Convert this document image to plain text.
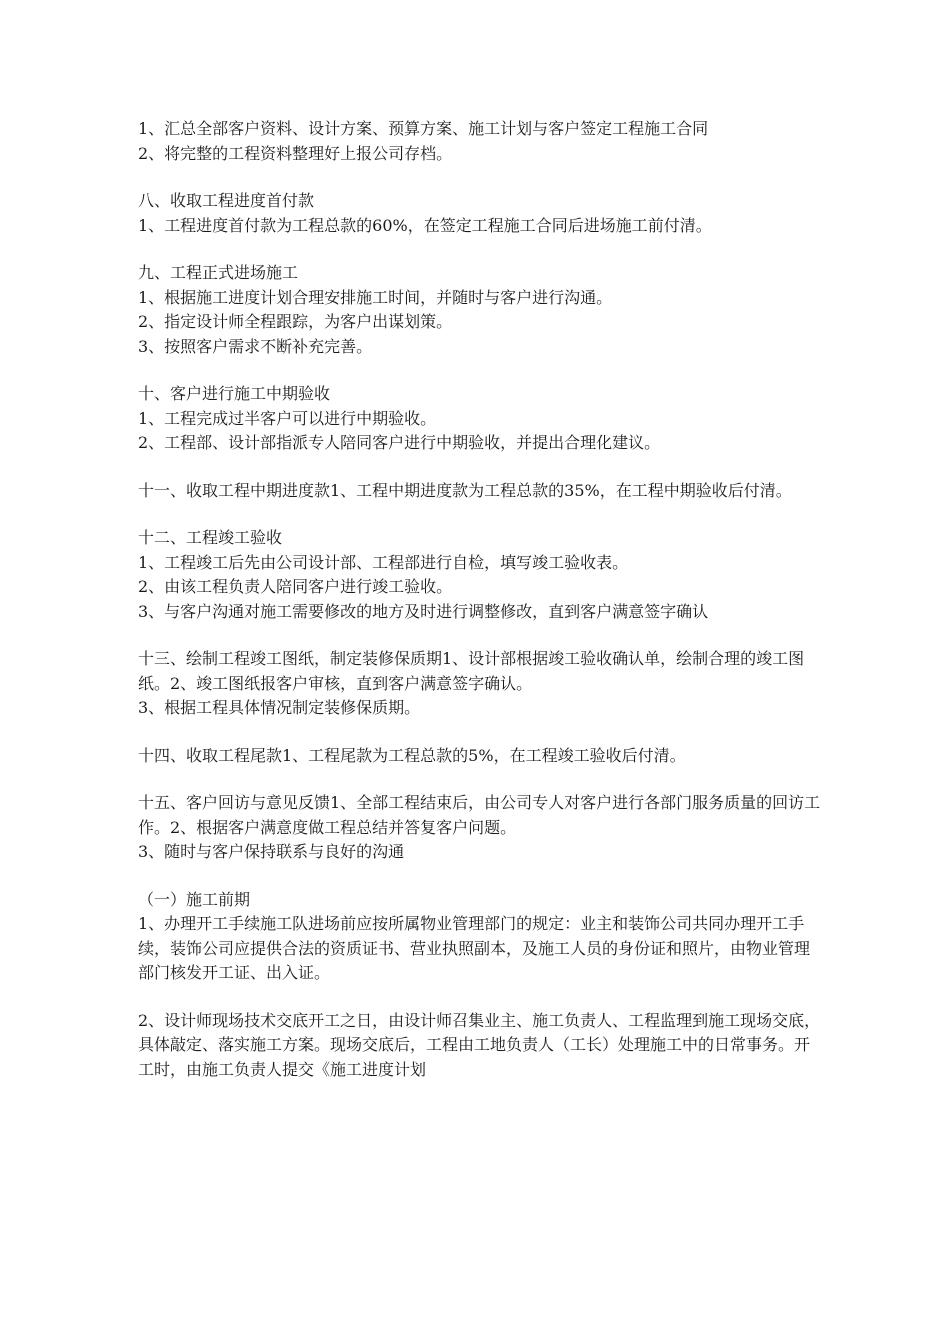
1、汇总全部客户资料、设计方案、预算方案、施工计划与客户签定工程施工合同
2、将完整的工程资料整理好上报公司存档。
八、收取工程进度首付款
1、工程进度首付款为工程总款的60%，在签定工程施工合同后进场施工前付清。
九、工程正式进场施工
1、根据施工进度计划合理安排施工时间，并随时与客户进行沟通。
2、指定设计师全程跟踪，为客户出谋划策。
3、按照客户需求不断补充完善。
十、客户进行施工中期验收
1、工程完成过半客户可以进行中期验收。
2、工程部、设计部指派专人陪同客户进行中期验收，并提出合理化建议。
十一、收取工程中期进度款1、工程中期进度款为工程总款的35%，在工程中期验收后付清。
十二、工程竣工验收
1、工程竣工后先由公司设计部、工程部进行自检，填写竣工验收表。
2、由该工程负责人陪同客户进行竣工验收。
3、与客户沟通对施工需要修改的地方及时进行调整修改，直到客户满意签字确认
十三、绘制工程竣工图纸，制定装修保质期1、设计部根据竣工验收确认单，绘制合理的竣工图纸。2、竣工图纸报客户审核，直到客户满意签字确认。
3、根据工程具体情况制定装修保质期。
十四、收取工程尾款1、工程尾款为工程总款的5%，在工程竣工验收后付清。
十五、客户回访与意见反馈1、全部工程结束后，由公司专人对客户进行各部门服务质量的回访工作。2、根据客户满意度做工程总结并答复客户问题。
3、随时与客户保持联系与良好的沟通
（一）施工前期
1、办理开工手续施工队进场前应按所属物业管理部门的规定：业主和装饰公司共同办理开工手续，装饰公司应提供合法的资质证书、营业执照副本，及施工人员的身份证和照片，由物业管理部门核发开工证、出入证。
2、设计师现场技术交底开工之日，由设计师召集业主、施工负责人、工程监理到施工现场交底，具体敲定、落实施工方案。现场交底后，工程由工地负责人（工长）处理施工中的日常事务。开工时，由施工负责人提交《施工进度计划
